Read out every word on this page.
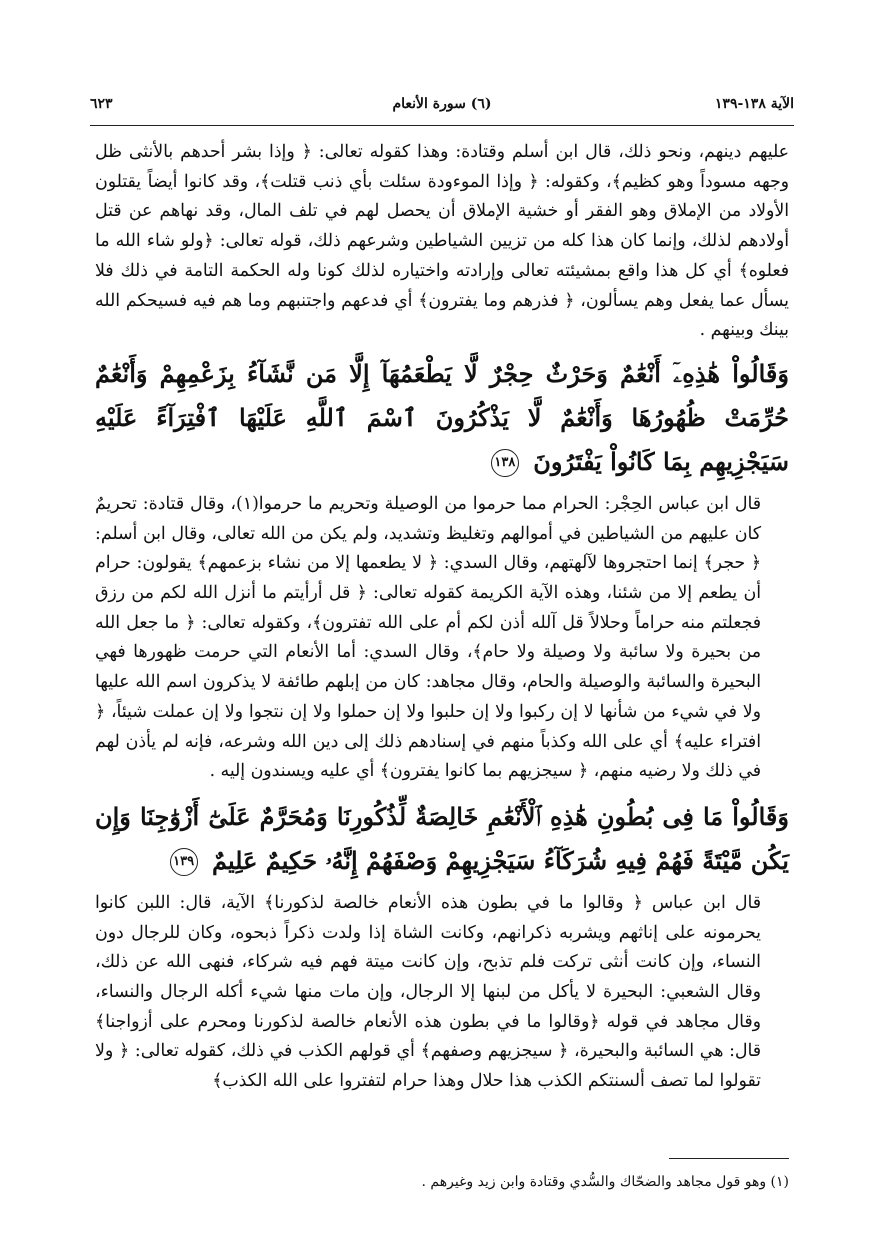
الآية ١٣٨-١٣٩
(٦) سورة الأنعام
٦٢٣

عليهم دينهم، ونحو ذلك، قال ابن أسلم وقتادة: وهذا كقوله تعالى: ﴿ وإذا بشر أحدهم بالأنثى ظل وجهه مسوداً وهو كظيم﴾، وكقوله: ﴿ وإذا الموءودة سئلت بأي ذنب قتلت﴾، وقد كانوا أيضاً يقتلون الأولاد من الإملاق وهو الفقر أو خشية الإملاق أن يحصل لهم في تلف المال، وقد نهاهم عن قتل أولادهم لذلك، وإنما كان هذا كله من تزيين الشياطين وشرعهم ذلك، قوله تعالى: ﴿ولو شاء الله ما فعلوه﴾ أي كل هذا واقع بمشيئته تعالى وإرادته واختياره لذلك كونا وله الحكمة التامة في ذلك فلا يسأل عما يفعل وهم يسألون، ﴿ فذرهم وما يفترون﴾ أي فدعهم واجتنبهم وما هم فيه فسيحكم الله بينك وبينهم .

وَقَالُواْ هَٰذِهِۦٓ أَنْعَٰمٌ وَحَرْثٌ حِجْرٌ لَّا يَطْعَمُهَآ إِلَّا مَن نَّشَآءُ بِزَعْمِهِمْ وَأَنْعَٰمٌ حُرِّمَتْ ظُهُورُهَا وَأَنْعَٰمٌ لَّا يَذْكُرُونَ ٱسْمَ ٱللَّهِ عَلَيْهَا ٱفْتِرَآءً عَلَيْهِ سَيَجْزِيهِم بِمَا كَانُواْ يَفْتَرُونَ ١٣٨

قال ابن عباس الحِجْر: الحرام مما حرموا من الوصيلة وتحريم ما حرموا(١)، وقال قتادة: تحريمٌ كان عليهم من الشياطين في أموالهم وتغليظ وتشديد، ولم يكن من الله تعالى، وقال ابن أسلم: ﴿ حجر﴾ إنما احتجروها لآلهتهم، وقال السدي: ﴿ لا يطعمها إلا من نشاء بزعمهم﴾ يقولون: حرام أن يطعم إلا من شئنا، وهذه الآية الكريمة كقوله تعالى: ﴿ قل أرأيتم ما أنزل الله لكم من رزق فجعلتم منه حراماً وحلالاً قل آلله أذن لكم أم على الله تفترون﴾، وكقوله تعالى: ﴿ ما جعل الله من بحيرة ولا سائبة ولا وصيلة ولا حام﴾، وقال السدي: أما الأنعام التي حرمت ظهورها فهي البحيرة والسائبة والوصيلة والحام، وقال مجاهد: كان من إبلهم طائفة لا يذكرون اسم الله عليها ولا في شيء من شأنها لا إن ركبوا ولا إن حلبوا ولا إن حملوا ولا إن نتجوا ولا إن عملت شيئاً، ﴿ افتراء عليه﴾ أي على الله وكذباً منهم في إسنادهم ذلك إلى دين الله وشرعه، فإنه لم يأذن لهم في ذلك ولا رضيه منهم، ﴿ سيجزيهم بما كانوا يفترون﴾ أي عليه ويسندون إليه .

وَقَالُواْ مَا فِى بُطُونِ هَٰذِهِ ٱلْأَنْعَٰمِ خَالِصَةٌ لِّذُكُورِنَا وَمُحَرَّمٌ عَلَىٰٓ أَزْوَٰجِنَا وَإِن يَكُن مَّيْتَةً فَهُمْ فِيهِ شُرَكَآءُ سَيَجْزِيهِمْ وَصْفَهُمْ إِنَّهُۥ حَكِيمٌ عَلِيمٌ ١٣٩

قال ابن عباس ﴿ وقالوا ما في بطون هذه الأنعام خالصة لذكورنا﴾ الآية، قال: اللبن كانوا يحرمونه على إناثهم ويشربه ذكرانهم، وكانت الشاة إذا ولدت ذكراً ذبحوه، وكان للرجال دون النساء، وإن كانت أنثى تركت فلم تذبح، وإن كانت ميتة فهم فيه شركاء، فنهى الله عن ذلك، وقال الشعبي: البحيرة لا يأكل من لبنها إلا الرجال، وإن مات منها شيء أكله الرجال والنساء، وقال مجاهد في قوله ﴿وقالوا ما في بطون هذه الأنعام خالصة لذكورنا ومحرم على أزواجنا﴾ قال: هي السائبة والبحيرة، ﴿ سيجزيهم وصفهم﴾ أي قولهم الكذب في ذلك، كقوله تعالى: ﴿ ولا تقولوا لما تصف ألسنتكم الكذب هذا حلال وهذا حرام لتفتروا على الله الكذب﴾

(١) وهو قول مجاهد والضحّاك والسُّدي وقتادة وابن زيد وغيرهم .
